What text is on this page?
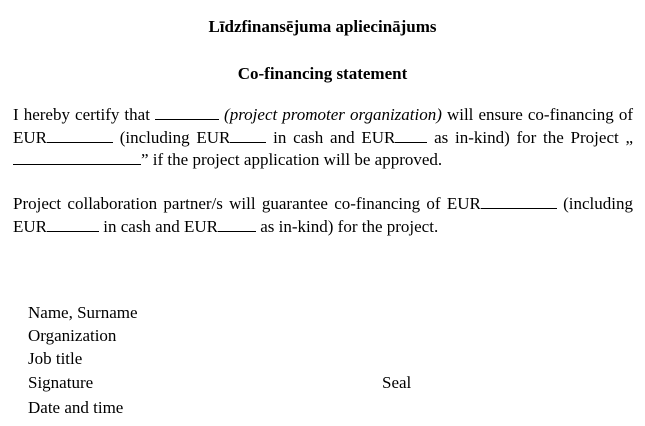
Līdzfinansējuma apliecinājums
Co-financing statement
I hereby certify that	(project promoter organization) will ensure co-financing of EUR	(including EUR in cash and EUR as in-kind) for the Project „” if the project application will be approved.
Project collaboration partner/s will guarantee co-financing of EUR	(including EUR	in cash and EUR as in-kind) for the project.
Name, Surname
Organization
Job title
Signature	Seal
Date and time
